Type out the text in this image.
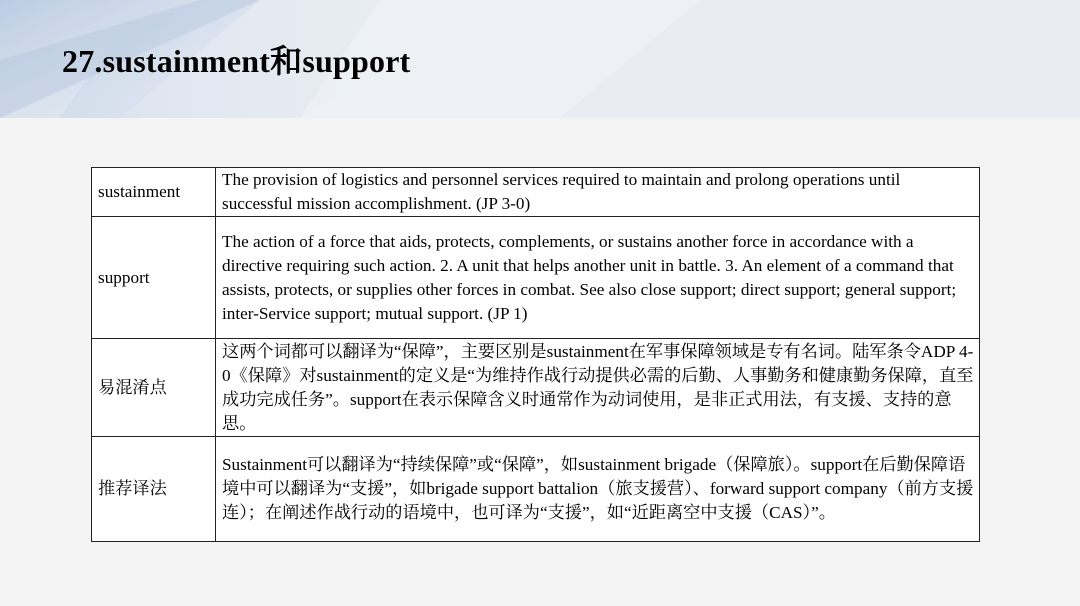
27.sustainment和support
sustainment	The provision of logistics and personnel services required to maintain and prolong operations until successful mission accomplishment. (JP 3-0)
support	The action of a force that aids, protects, complements, or sustains another force in accordance with a directive requiring such action. 2. A unit that helps another unit in battle. 3. An element of a command that assists, protects, or supplies other forces in combat. See also close support; direct support; general support; inter-Service support; mutual support. (JP 1)
易混淆点	这两个词都可以翻译为“保障”，主要区别是sustainment在军事保障领域是专有名词。陆军条令ADP 4-0《保障》对sustainment的定义是“为维持作战行动提供必需的后勤、人事勤务和健康勤务保障，直至成功完成任务”。support在表示保障含义时通常作为动词使用，是非正式用法，有支援、支持的意思。
推荐译法	Sustainment可以翻译为“持续保障”或“保障”，如sustainment brigade（保障旅）。support在后勤保障语境中可以翻译为“支援”，如brigade support battalion（旅支援营）、forward support company（前方支援连）；在阐述作战行动的语境中，也可译为“支援”，如“近距离空中支援（CAS）”。
